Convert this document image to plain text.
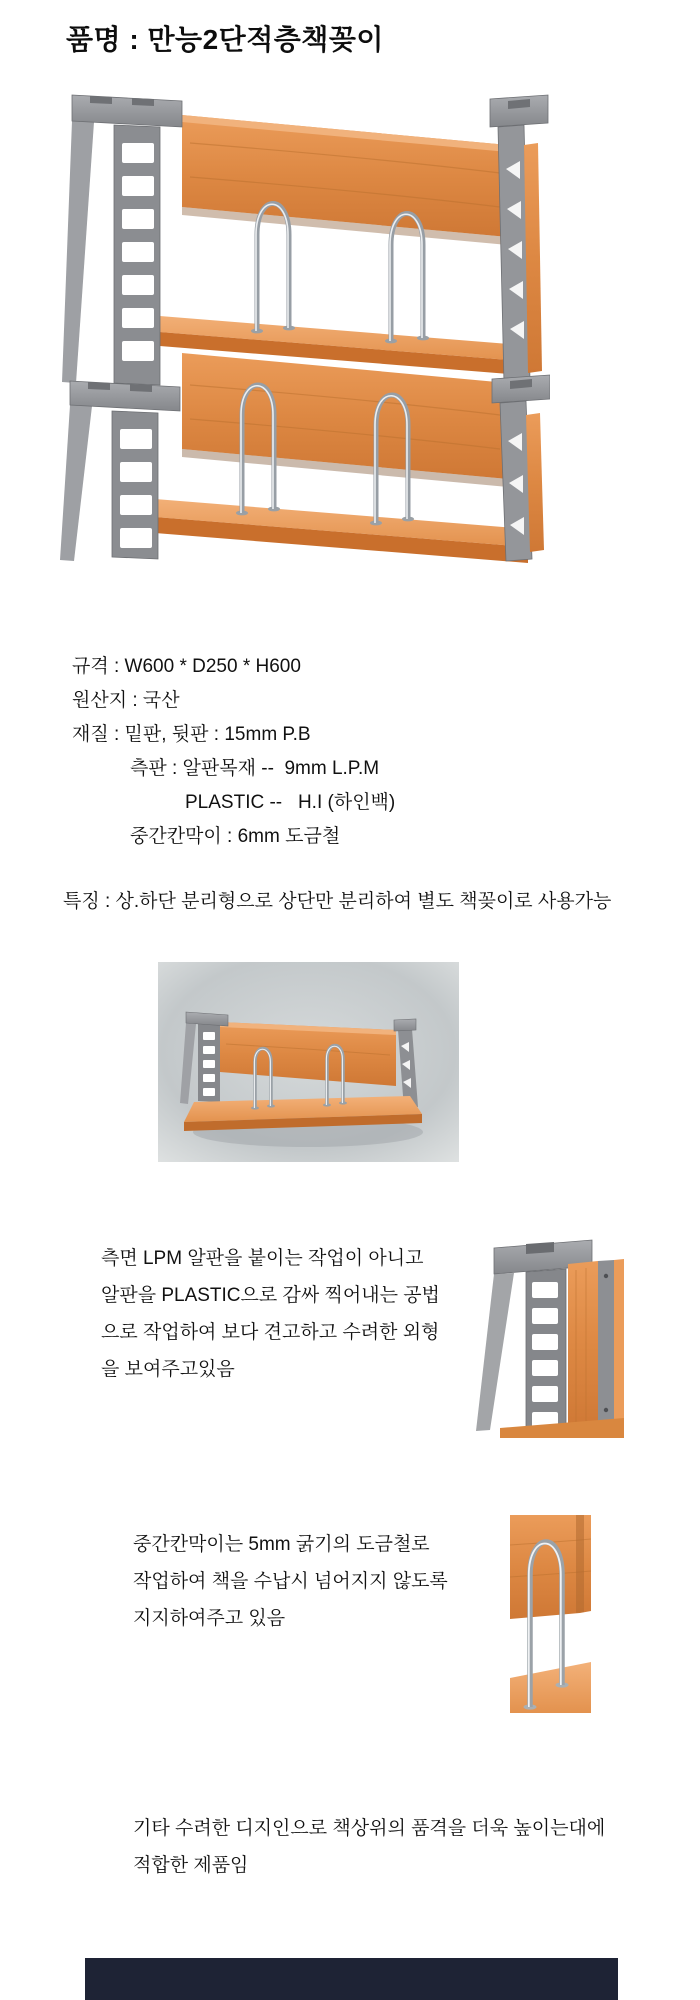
품명 : 만능2단적층책꽂이
규격 : W600 * D250 * H600
원산지 : 국산
재질 : 밑판, 뒷판 : 15mm P.B
측판 : 알판목재 --  9mm L.P.M
PLASTIC --   H.I (하인백)
중간칸막이 : 6mm 도금철
특징 : 상.하단 분리형으로 상단만 분리하여 별도 책꽂이로 사용가능
측면 LPM 알판을 붙이는 작업이 아니고
알판을 PLASTIC으로 감싸 찍어내는 공법
으로 작업하여 보다 견고하고 수려한 외형
을 보여주고있음
중간칸막이는 5mm 굵기의 도금철로
작업하여 책을 수납시 넘어지지 않도록
지지하여주고 있음
기타 수려한 디지인으로 책상위의 품격을 더욱 높이는대에
적합한 제품임
